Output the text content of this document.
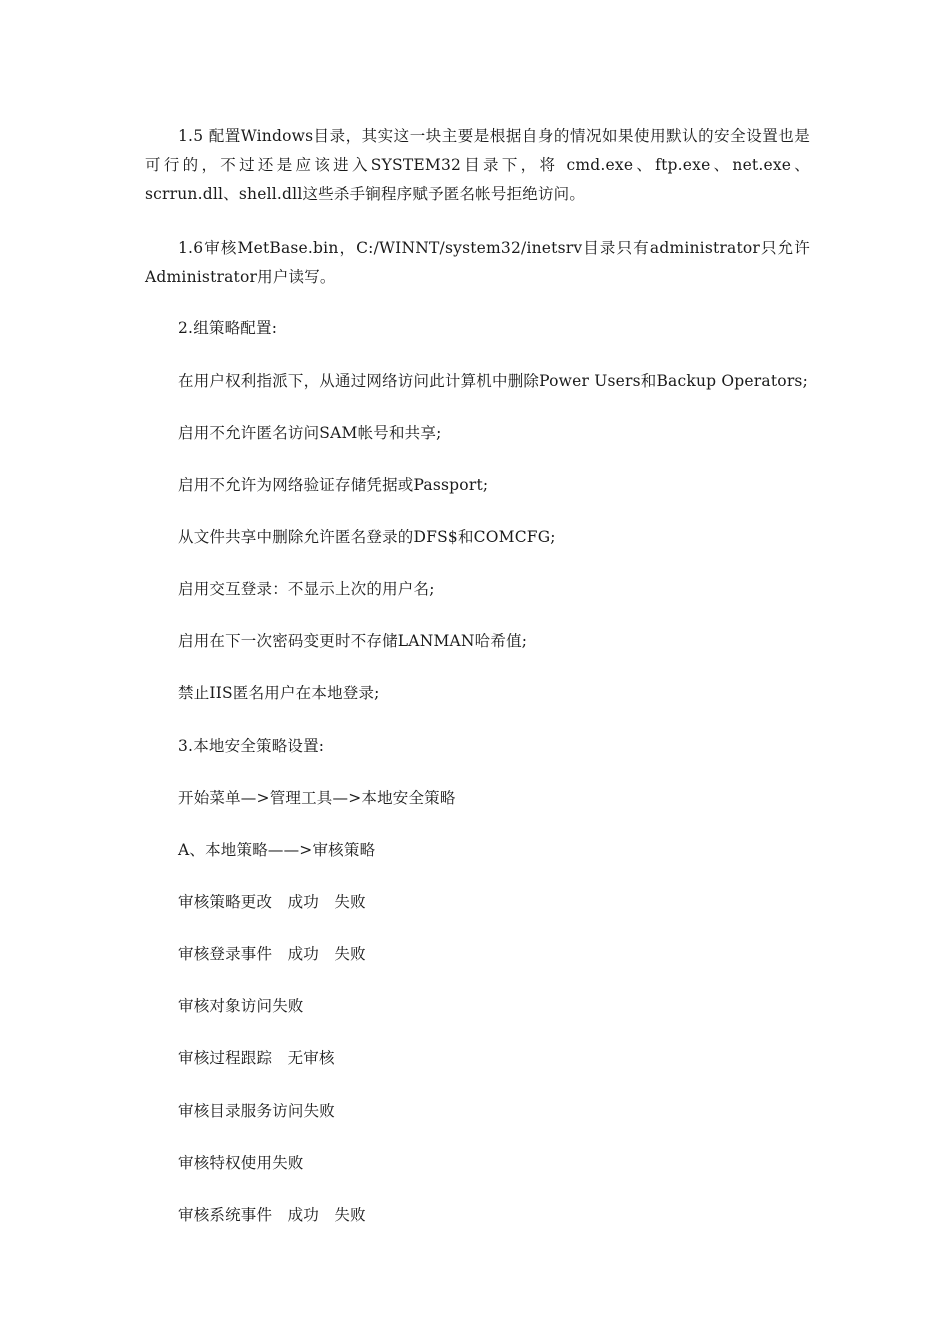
1.5 配置Windows目录，其实这一块主要是根据自身的情况如果使用默认的安全设置也是可行的，不过还是应该进入SYSTEM32目录下，将 cmd.exe、ftp.exe、net.exe、scrrun.dll、shell.dll这些杀手锏程序赋予匿名帐号拒绝访问。

1.6审核MetBase.bin，C:/WINNT/system32/inetsrv目录只有administrator只允许Administrator用户读写。

2.组策略配置:

在用户权利指派下，从通过网络访问此计算机中删除Power Users和Backup Operators;

启用不允许匿名访问SAM帐号和共享;

启用不允许为网络验证存储凭据或Passport;

从文件共享中删除允许匿名登录的DFS$和COMCFG;

启用交互登录：不显示上次的用户名;

启用在下一次密码变更时不存储LANMAN哈希值;

禁止IIS匿名用户在本地登录;

3.本地安全策略设置:

开始菜单—>管理工具—>本地安全策略

A、本地策略——>审核策略

审核策略更改   成功   失败

审核登录事件   成功   失败

审核对象访问失败

审核过程跟踪   无审核

审核目录服务访问失败

审核特权使用失败

审核系统事件   成功   失败
